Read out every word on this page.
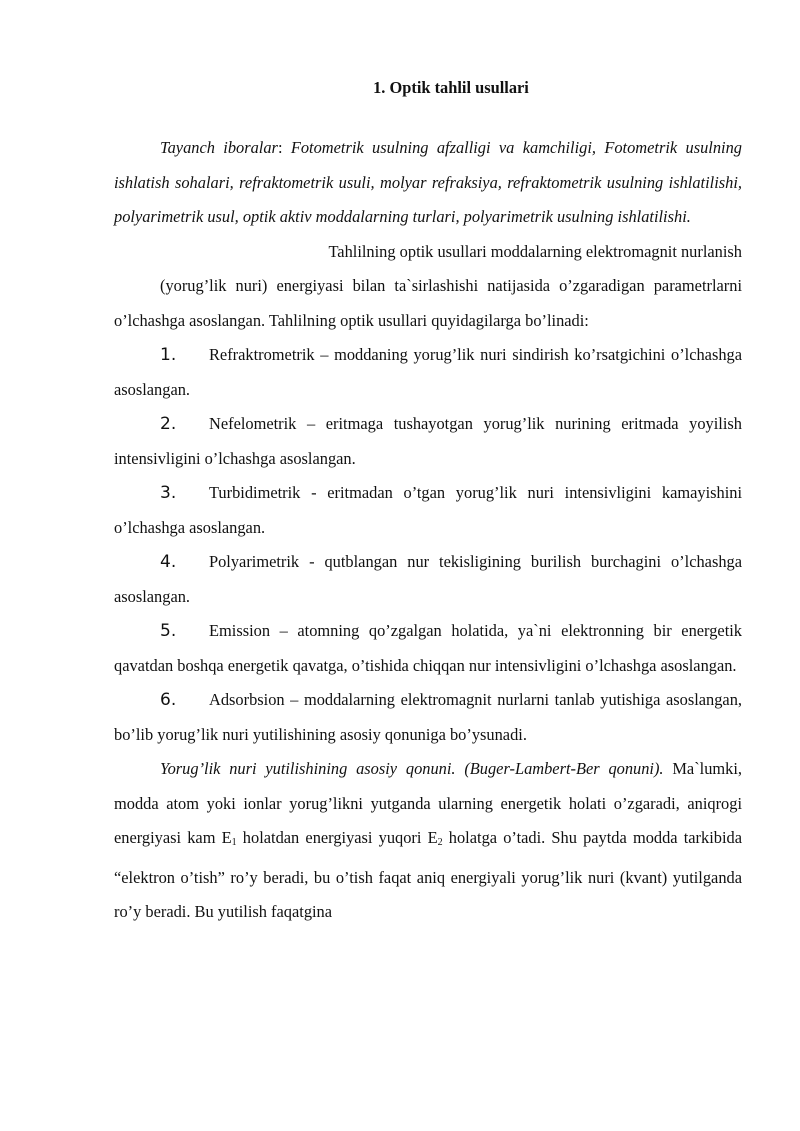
1. Optik tahlil usullari

Tayanch iboralar: Fotometrik usulning afzalligi va kamchiligi, Fotometrik usulning ishlatish sohalari, refraktometrik usuli, molyar refraksiya, refraktometrik usulning ishlatilishi, polyarimetrik usul, optik aktiv moddalarning turlari, polyarimetrik usulning ishlatilishi.

Tahlilning optik usullari moddalarning elektromagnit nurlanish

(yorug’lik nuri) energiyasi bilan ta`sirlashishi natijasida o’zgaradigan parametrlarni o’lchashga asoslangan. Tahlilning optik usullari quyidagilarga bo’linadi:

1. Refraktrometrik – moddaning yorug’lik nuri sindirish ko’rsatgichini o’lchashga asoslangan.

2. Nefelometrik – eritmaga tushayotgan yorug’lik nurining eritmada yoyilish intensivligini o’lchashga asoslangan.

3. Turbidimetrik - eritmadan o’tgan yorug’lik nuri intensivligini kamayishini o’lchashga asoslangan.

4. Polyarimetrik - qutblangan nur tekisligining burilish burchagini o’lchashga asoslangan.

5. Emission – atomning qo’zgalgan holatida, ya`ni elektronning bir energetik qavatdan boshqa energetik qavatga, o’tishida chiqqan nur intensivligini o’lchashga asoslangan.

6. Adsorbsion – moddalarning elektromagnit nurlarni tanlab yutishiga asoslangan, bo’lib yorug’lik nuri yutilishining asosiy qonuniga bo’ysunadi.

Yorug’lik nuri yutilishining asosiy qonuni. (Buger-Lambert-Ber qonuni). Ma`lumki, modda atom yoki ionlar yorug’likni yutganda ularning energetik holati o’zgaradi, aniqrogi energiyasi kam $E_1$ holatdan energiyasi yuqori $E_2$ holatga o’tadi. Shu paytda modda tarkibida “elektron o’tish” ro’y beradi, bu o’tish faqat aniq energiyali yorug’lik nuri (kvant) yutilganda ro’y beradi. Bu yutilish faqatgina
